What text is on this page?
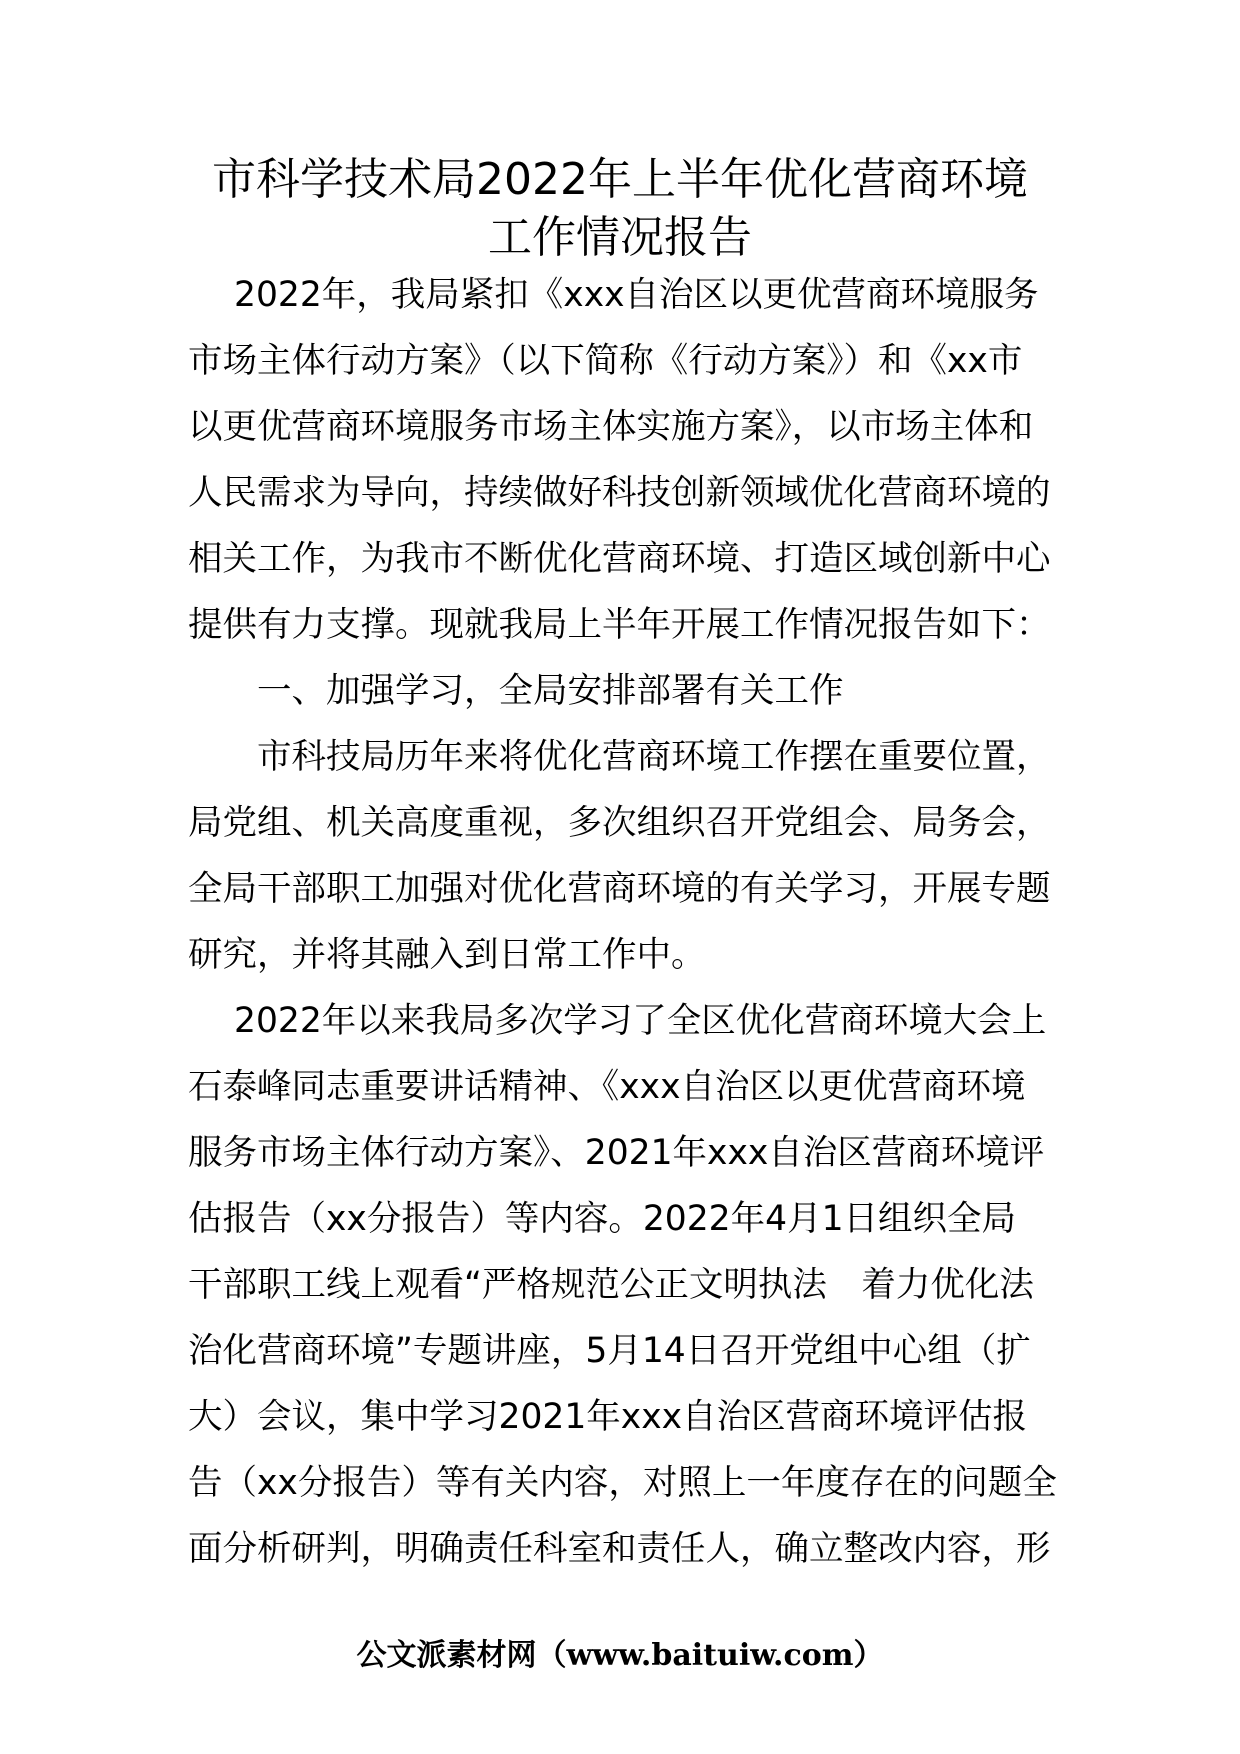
市科学技术局2022年上半年优化营商环境
工作情况报告
2022年，我局紧扣《xxx自治区以更优营商环境服务
市场主体行动方案》（以下简称《行动方案》）和《xx市
以更优营商环境服务市场主体实施方案》，以市场主体和
人民需求为导向，持续做好科技创新领域优化营商环境的
相关工作，为我市不断优化营商环境、打造区域创新中心
提供有力支撑。现就我局上半年开展工作情况报告如下：
一、加强学习，全局安排部署有关工作
市科技局历年来将优化营商环境工作摆在重要位置，
局党组、机关高度重视，多次组织召开党组会、局务会，
全局干部职工加强对优化营商环境的有关学习，开展专题
研究，并将其融入到日常工作中。
2022年以来我局多次学习了全区优化营商环境大会上
石泰峰同志重要讲话精神、《xxx自治区以更优营商环境
服务市场主体行动方案》、2021年xxx自治区营商环境评
估报告（xx分报告）等内容。2022年4月1日组织全局
干部职工线上观看“严格规范公正文明执法　着力优化法
治化营商环境”专题讲座，5月14日召开党组中心组（扩
大）会议，集中学习2021年xxx自治区营商环境评估报
告（xx分报告）等有关内容，对照上一年度存在的问题全
面分析研判，明确责任科室和责任人，确立整改内容，形
公文派素材网（www.baituiw.com）
